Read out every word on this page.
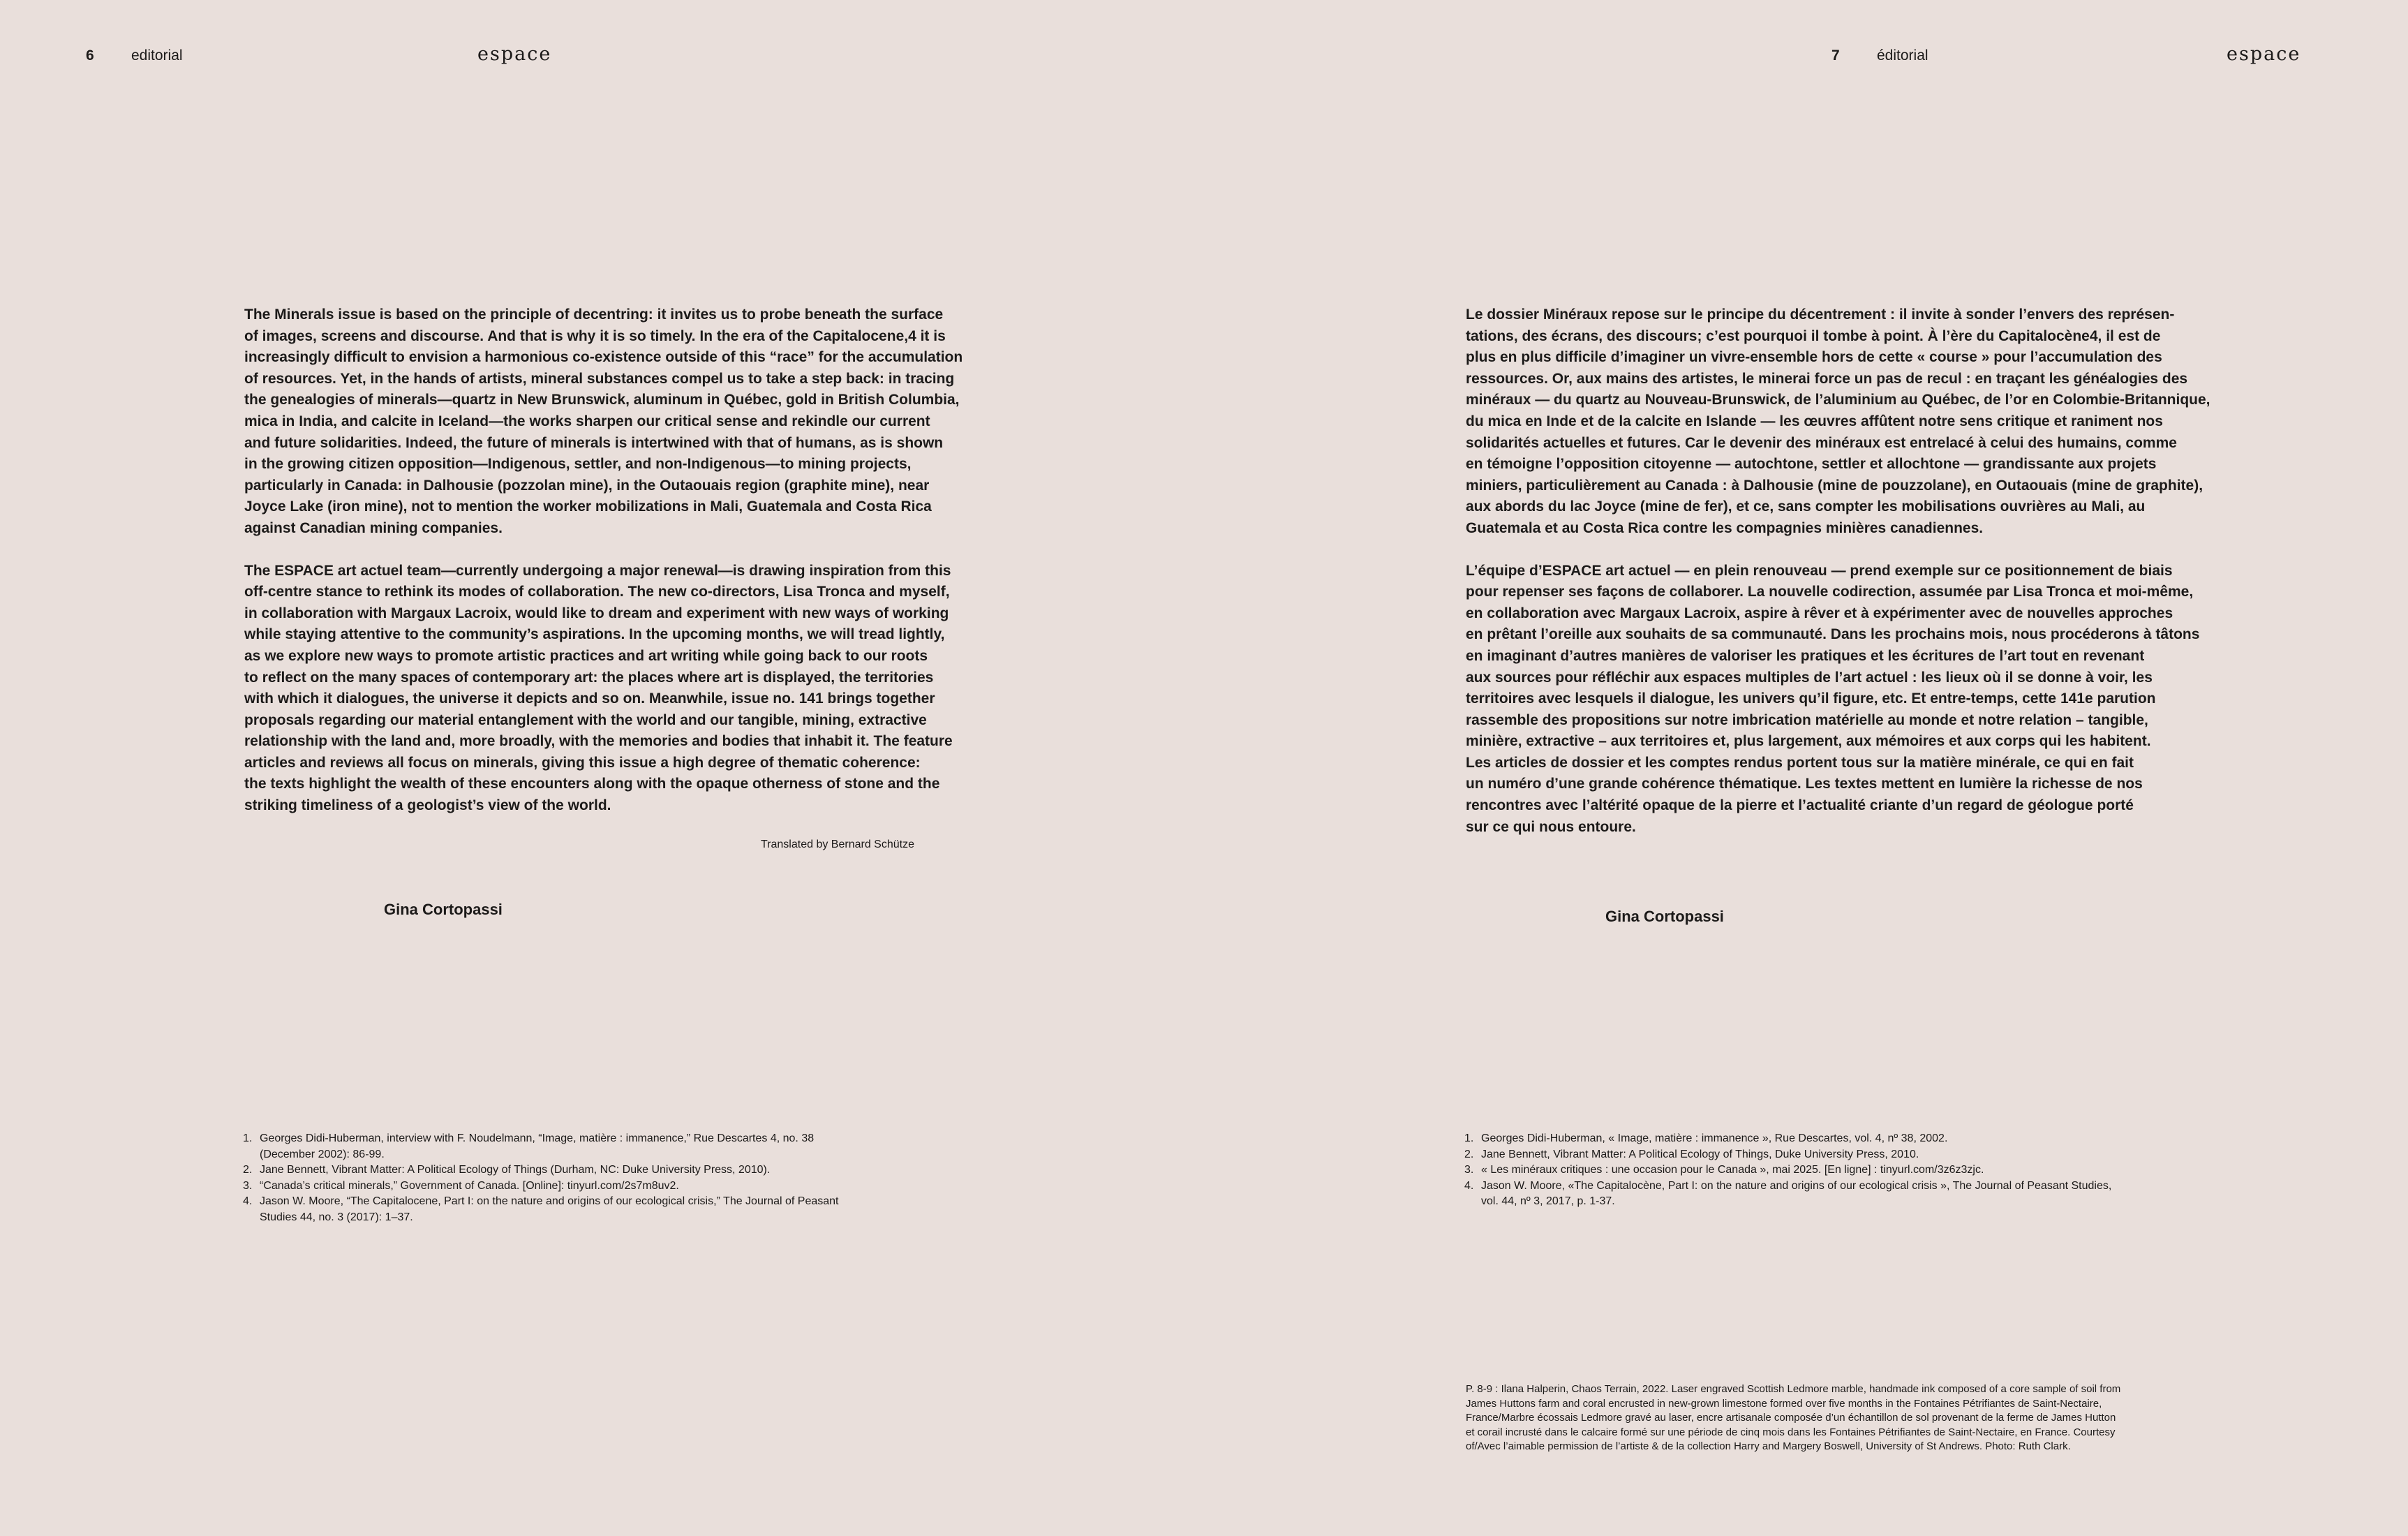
6	editorial	espace

The Minerals issue is based on the principle of decentring: it invites us to probe beneath the surface
of images, screens and discourse. And that is why it is so timely. In the era of the Capitalocene,4 it is
increasingly difficult to envision a harmonious co-existence outside of this “race” for the accumulation
of resources. Yet, in the hands of artists, mineral substances compel us to take a step back: in tracing
the genealogies of minerals—quartz in New Brunswick, aluminum in Québec, gold in British Columbia,
mica in India, and calcite in Iceland—the works sharpen our critical sense and rekindle our current
and future solidarities. Indeed, the future of minerals is intertwined with that of humans, as is shown
in the growing citizen opposition—Indigenous, settler, and non-Indigenous—to mining projects,
particularly in Canada: in Dalhousie (pozzolan mine), in the Outaouais region (graphite mine), near
Joyce Lake (iron mine), not to mention the worker mobilizations in Mali, Guatemala and Costa Rica
against Canadian mining companies.

The ESPACE art actuel team—currently undergoing a major renewal—is drawing inspiration from this
off-centre stance to rethink its modes of collaboration. The new co-directors, Lisa Tronca and myself,
in collaboration with Margaux Lacroix, would like to dream and experiment with new ways of working
while staying attentive to the community’s aspirations. In the upcoming months, we will tread lightly,
as we explore new ways to promote artistic practices and art writing while going back to our roots
to reflect on the many spaces of contemporary art: the places where art is displayed, the territories
with which it dialogues, the universe it depicts and so on. Meanwhile, issue no. 141 brings together
proposals regarding our material entanglement with the world and our tangible, mining, extractive
relationship with the land and, more broadly, with the memories and bodies that inhabit it. The feature
articles and reviews all focus on minerals, giving this issue a high degree of thematic coherence:
the texts highlight the wealth of these encounters along with the opaque otherness of stone and the
striking timeliness of a geologist’s view of the world.

Translated by Bernard Schütze
Gina Cortopassi
1. Georges Didi-Huberman, interview with F. Noudelmann, “Image, matière : immanence,” Rue Descartes 4, no. 38
(December 2002): 86-99.
2. Jane Bennett, Vibrant Matter: A Political Ecology of Things (Durham, NC: Duke University Press, 2010).
3. “Canada’s critical minerals,” Government of Canada. [Online]: tinyurl.com/2s7m8uv2.
4. Jason W. Moore, “The Capitalocene, Part I: on the nature and origins of our ecological crisis,” The Journal of Peasant
Studies 44, no. 3 (2017): 1–37.
7	éditorial	espace

Le dossier Minéraux repose sur le principe du décentrement : il invite à sonder l’envers des représen-
tations, des écrans, des discours; c’est pourquoi il tombe à point. À l’ère du Capitalocène4, il est de
plus en plus difficile d’imaginer un vivre-ensemble hors de cette « course » pour l’accumulation des
ressources. Or, aux mains des artistes, le minerai force un pas de recul : en traçant les généalogies des
minéraux — du quartz au Nouveau-Brunswick, de l’aluminium au Québec, de l’or en Colombie-Britannique,
du mica en Inde et de la calcite en Islande — les œuvres affûtent notre sens critique et raniment nos
solidarités actuelles et futures. Car le devenir des minéraux est entrelacé à celui des humains, comme
en témoigne l’opposition citoyenne — autochtone, settler et allochtone — grandissante aux projets
miniers, particulièrement au Canada : à Dalhousie (mine de pouzzolane), en Outaouais (mine de graphite),
aux abords du lac Joyce (mine de fer), et ce, sans compter les mobilisations ouvrières au Mali, au
Guatemala et au Costa Rica contre les compagnies minières canadiennes.

L’équipe d’ESPACE art actuel — en plein renouveau — prend exemple sur ce positionnement de biais
pour repenser ses façons de collaborer. La nouvelle codirection, assumée par Lisa Tronca et moi-même,
en collaboration avec Margaux Lacroix, aspire à rêver et à expérimenter avec de nouvelles approches
en prêtant l’oreille aux souhaits de sa communauté. Dans les prochains mois, nous procéderons à tâtons
en imaginant d’autres manières de valoriser les pratiques et les écritures de l’art tout en revenant
aux sources pour réfléchir aux espaces multiples de l’art actuel : les lieux où il se donne à voir, les
territoires avec lesquels il dialogue, les univers qu’il figure, etc. Et entre-temps, cette 141e parution
rassemble des propositions sur notre imbrication matérielle au monde et notre relation – tangible,
minière, extractive – aux territoires et, plus largement, aux mémoires et aux corps qui les habitent.
Les articles de dossier et les comptes rendus portent tous sur la matière minérale, ce qui en fait
un numéro d’une grande cohérence thématique. Les textes mettent en lumière la richesse de nos
rencontres avec l’altérité opaque de la pierre et l’actualité criante d’un regard de géologue porté
sur ce qui nous entoure.

Gina Cortopassi
1. Georges Didi-Huberman, « Image, matière : immanence », Rue Descartes, vol. 4, nº 38, 2002.
2. Jane Bennett, Vibrant Matter: A Political Ecology of Things, Duke University Press, 2010.
3. « Les minéraux critiques : une occasion pour le Canada », mai 2025. [En ligne] : tinyurl.com/3z6z3zjc.
4. Jason W. Moore, «The Capitalocène, Part I: on the nature and origins of our ecological crisis », The Journal of Peasant Studies,
vol. 44, nº 3, 2017, p. 1-37.
P. 8-9 : Ilana Halperin, Chaos Terrain, 2022. Laser engraved Scottish Ledmore marble, handmade ink composed of a core sample of soil from
James Huttons farm and coral encrusted in new-grown limestone formed over five months in the Fontaines Pétrifiantes de Saint-Nectaire,
France/Marbre écossais Ledmore gravé au laser, encre artisanale composée d’un échantillon de sol provenant de la ferme de James Hutton
et corail incrusté dans le calcaire formé sur une période de cinq mois dans les Fontaines Pétrifiantes de Saint-Nectaire, en France. Courtesy
of/Avec l’aimable permission de l’artiste & de la collection Harry and Margery Boswell, University of St Andrews. Photo: Ruth Clark.
